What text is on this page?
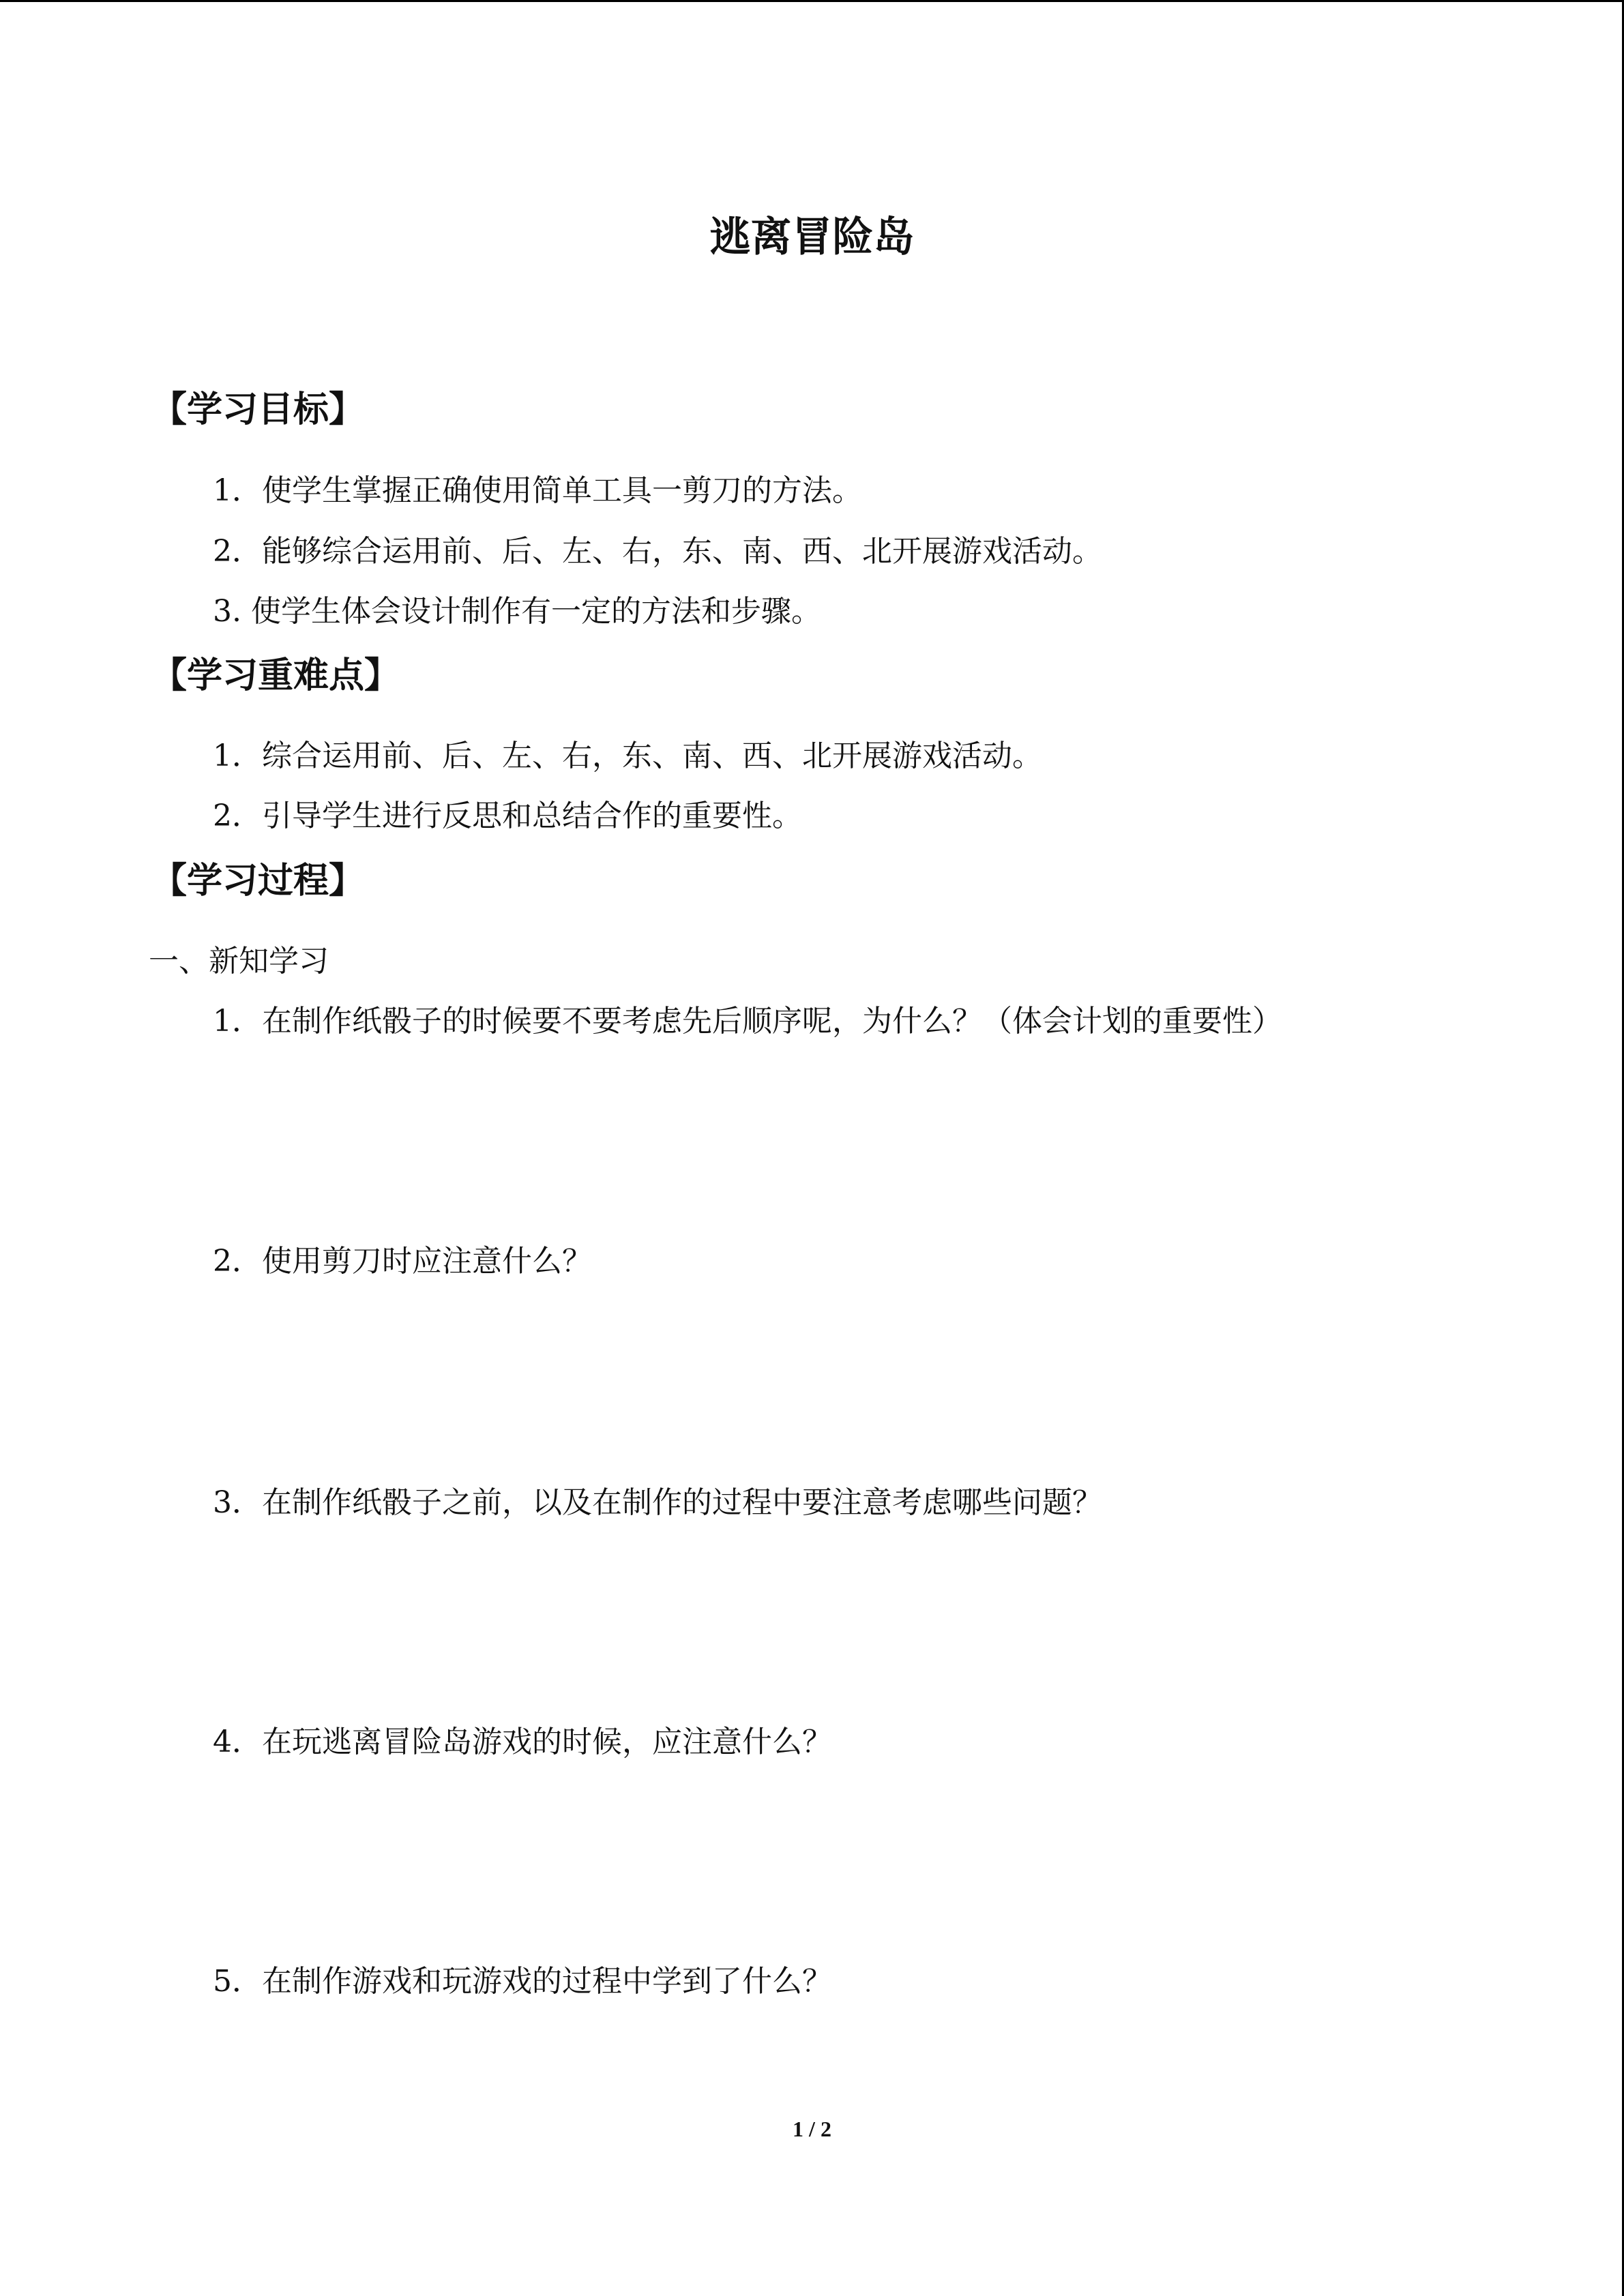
逃离冒险岛
【学习目标】
1．使学生掌握正确使用简单工具一剪刀的方法。
2．能够综合运用前、后、左、右，东、南、西、北开展游戏活动。
3. 使学生体会设计制作有一定的方法和步骤。
【学习重难点】
1．综合运用前、后、左、右，东、南、西、北开展游戏活动。
2．引导学生进行反思和总结合作的重要性。
【学习过程】
一、新知学习
1．在制作纸骰子的时候要不要考虑先后顺序呢，为什么？（体会计划的重要性）
2．使用剪刀时应注意什么？
3．在制作纸骰子之前，以及在制作的过程中要注意考虑哪些问题？
4．在玩逃离冒险岛游戏的时候，应注意什么？
5．在制作游戏和玩游戏的过程中学到了什么？
1 / 2
